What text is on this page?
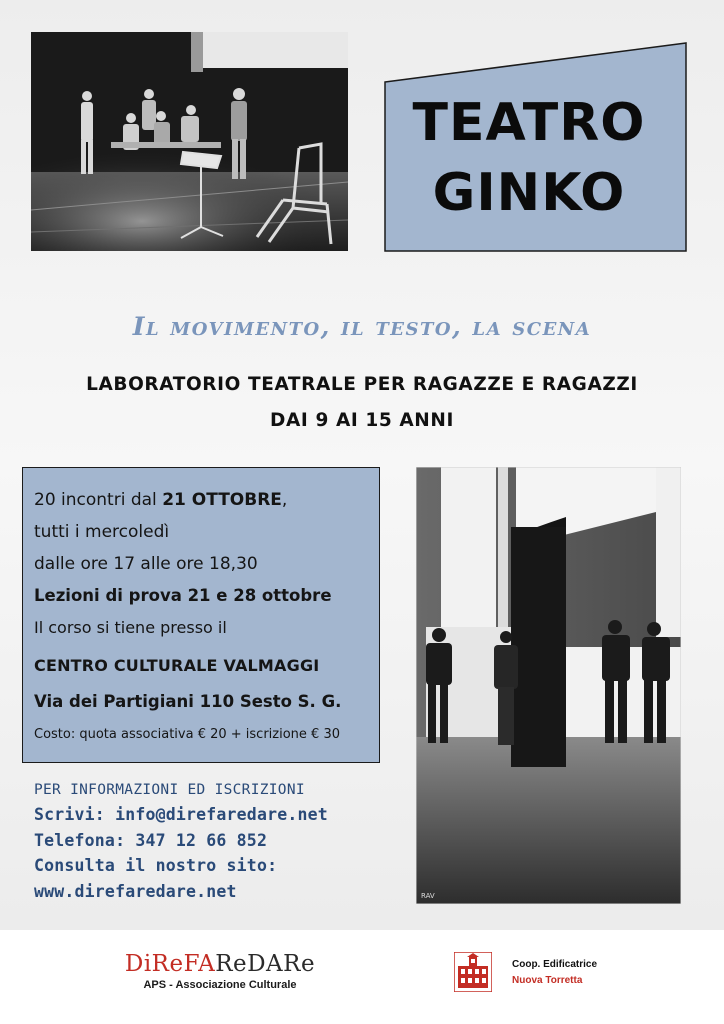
TEATRO
GINKO
Il movimento, il testo, la scena
LABORATORIO TEATRALE PER RAGAZZE E RAGAZZI
DAI 9 AI 15 ANNI
20 incontri dal 21 OTTOBRE,
tutti i mercoledì
dalle ore 17 alle ore 18,30
Lezioni di prova 21 e 28 ottobre
Il corso si tiene presso il
CENTRO CULTURALE VALMAGGI
Via dei Partigiani 110 Sesto S. G.
Costo: quota associativa € 20 + iscrizione € 30
PER INFORMAZIONI ED ISCRIZIONI
Scrivi: info@direfaredare.net
Telefona: 347 12 66 852
Consulta il nostro sito:
www.direfaredare.net	RAV
DiReFAReDARe
APS - Associazione Culturale
Coop. Edificatrice
Nuova Torretta
